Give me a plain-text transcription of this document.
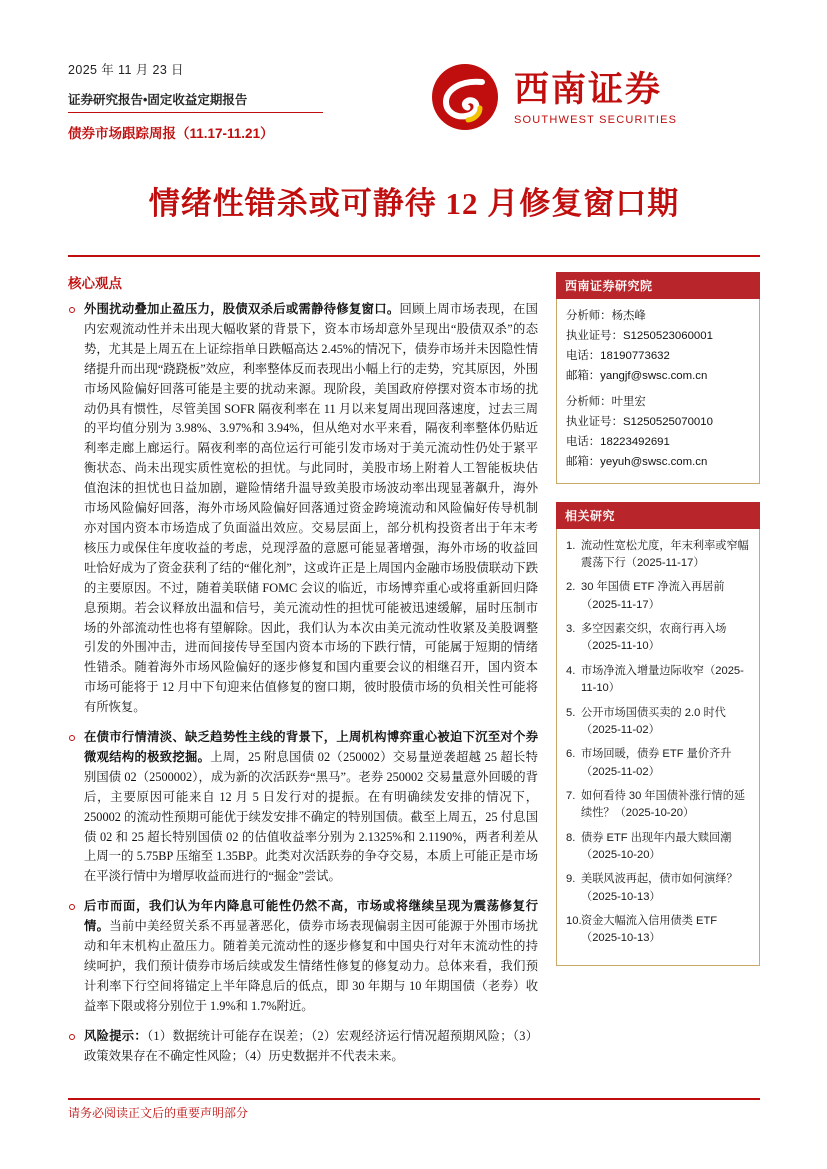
2025 年 11 月 23 日
证券研究报告•固定收益定期报告
债券市场跟踪周报（11.17-11.21）
西南证券
SOUTHWEST SECURITIES
情绪性错杀或可静待 12 月修复窗口期
核心观点
外围扰动叠加止盈压力，股债双杀后或需静待修复窗口。回顾上周市场表现，在国内宏观流动性并未出现大幅收紧的背景下，资本市场却意外呈现出“股债双杀”的态势，尤其是上周五在上证综指单日跌幅高达 2.45%的情况下，债券市场并未因隐性情绪提升而出现“跷跷板”效应，利率整体反而表现出小幅上行的走势，究其原因，外围市场风险偏好回落可能是主要的扰动来源。现阶段，美国政府停摆对资本市场的扰动仍具有惯性，尽管美国 SOFR 隔夜利率在 11 月以来复周出现回落速度，过去三周的平均值分别为 3.98%、3.97%和 3.94%，但从绝对水平来看，隔夜利率整体仍贴近利率走廊上廊运行。隔夜利率的高位运行可能引发市场对于美元流动性仍处于紧平衡状态、尚未出现实质性宽松的担忧。与此同时，美股市场上附着人工智能板块估值泡沫的担忧也日益加剧，避险情绪升温导致美股市场波动率出现显著飙升，海外市场风险偏好回落，海外市场风险偏好回落通过资金跨境流动和风险偏好传导机制亦对国内资本市场造成了负面溢出效应。交易层面上，部分机构投资者出于年末考核压力或保住年度收益的考虑，兑现浮盈的意愿可能显著增强，海外市场的收益回吐恰好成为了资金获利了结的“催化剂”，这或许正是上周国内金融市场股债联动下跌的主要原因。不过，随着美联储 FOMC 会议的临近，市场博弈重心或将重新回归降息预期。若会议释放出温和信号，美元流动性的担忧可能被迅速缓解，届时压制市场的外部流动性也将有望解除。因此，我们认为本次由美元流动性收紧及美股调整引发的外围冲击，进而间接传导至国内资本市场的下跌行情，可能属于短期的情绪性错杀。随着海外市场风险偏好的逐步修复和国内重要会议的相继召开，国内资本市场可能将于 12 月中下旬迎来估值修复的窗口期，彼时股债市场的负相关性可能将有所恢复。
在债市行情清淡、缺乏趋势性主线的背景下，上周机构博弈重心被迫下沉至对个券微观结构的极致挖掘。上周，25 附息国债 02（250002）交易量逆袭超越 25 超长特别国债 02（2500002），成为新的次活跃券“黑马”。老券 250002 交易量意外回暖的背后，主要原因可能来自 12 月 5 日发行对的提振。在有明确续发安排的情况下，250002 的流动性预期可能优于续发安排不确定的特别国债。截至上周五，25 付息国债 02 和 25 超长特别国债 02 的估值收益率分别为 2.1325%和 2.1190%，两者利差从上周一的 5.75BP 压缩至 1.35BP。此类对次活跃券的争夺交易，本质上可能正是市场在平淡行情中为增厚收益而进行的“掘金”尝试。
后市而面，我们认为年内降息可能性仍然不高，市场或将继续呈现为震荡修复行情。当前中美经贸关系不再显著恶化，债券市场表现偏弱主因可能源于外围市场扰动和年末机构止盈压力。随着美元流动性的逐步修复和中国央行对年末流动性的持续呵护，我们预计债券市场后续或发生情绪性修复的修复动力。总体来看，我们预计利率下行空间将锚定上半年降息后的低点，即 30 年期与 10 年期国债（老券）收益率下限或将分别位于 1.9%和 1.7%附近。
风险提示：（1）数据统计可能存在误差；（2）宏观经济运行情况超预期风险；（3）政策效果存在不确定性风险；（4）历史数据并不代表未来。
西南证券研究院
分析师：杨杰峰
执业证号：S1250523060001
电话：18190773632
邮箱：yangjf@swsc.com.cn
分析师：叶里宏
执业证号：S1250525070010
电话：18223492691
邮箱：yeyuh@swsc.com.cn
相关研究
1. 流动性宽松尤度，年末利率或窄幅震荡下行（2025-11-17）
2. 30 年国债 ETF 净流入再居前（2025-11-17）
3. 多空因素交织，农商行再入场（2025-11-10）
4. 市场净流入增量边际收窄（2025-11-10）
5. 公开市场国债买卖的 2.0 时代（2025-11-02）
6. 市场回暖，债券 ETF 量价齐升（2025-11-02）
7. 如何看待 30 年国债补涨行情的延续性？（2025-10-20）
8. 债券 ETF 出现年内最大赎回潮（2025-10-20）
9. 美联风波再起，债市如何演绎？（2025-10-13）
10. 资金大幅流入信用债类 ETF（2025-10-13）
请务必阅读正文后的重要声明部分
